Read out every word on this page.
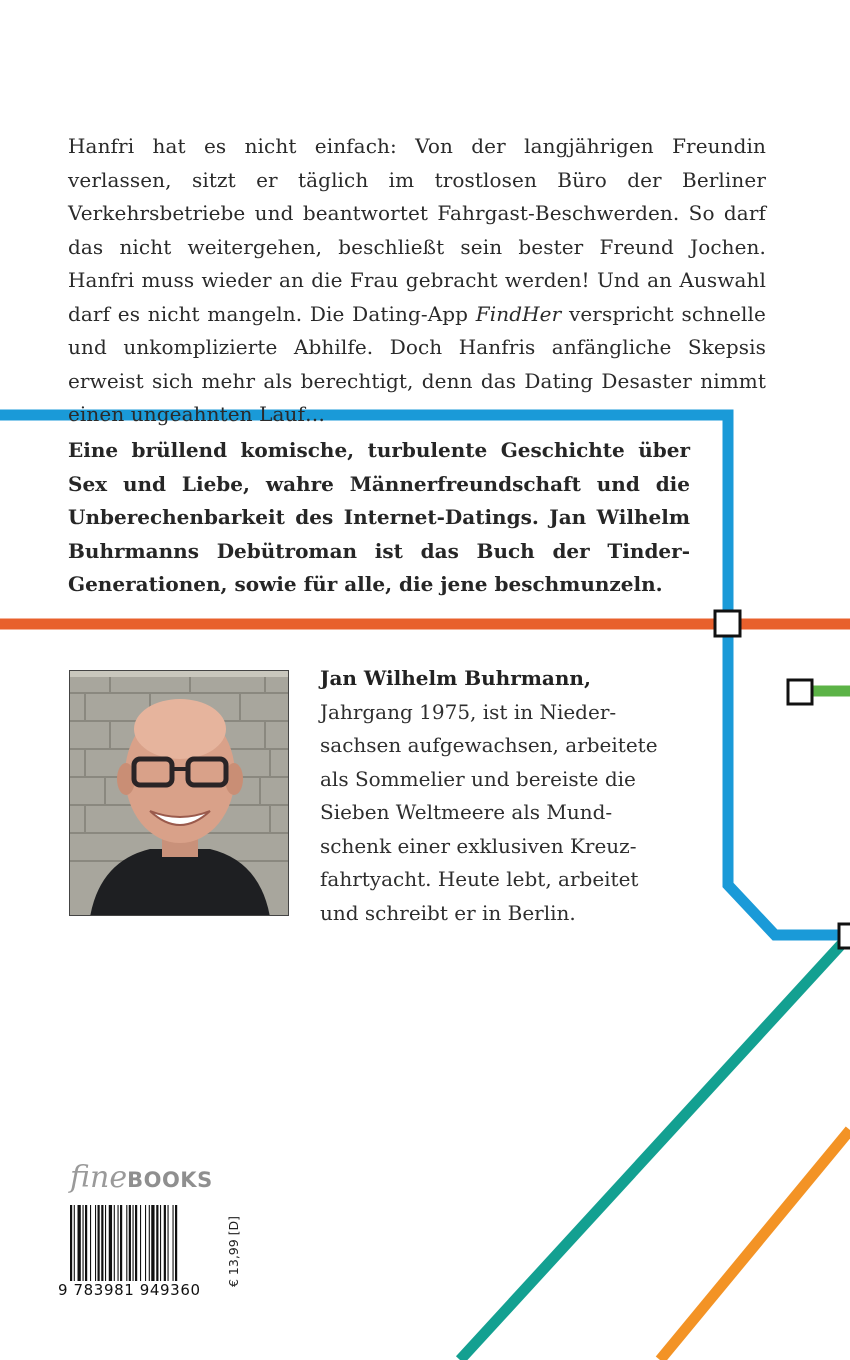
Hanfri hat es nicht einfach: Von der langjährigen Freundin verlassen, sitzt er täglich im trostlosen Büro der Berliner Verkehrsbetriebe und beantwortet Fahrgast-Beschwerden. So darf das nicht weitergehen, beschließt sein bester Freund Jochen. Hanfri muss wieder an die Frau gebracht werden! Und an Auswahl darf es nicht mangeln. Die Dating-App FindHer verspricht schnelle und unkomplizierte Abhilfe. Doch Hanfris anfängliche Skepsis erweist sich mehr als berechtigt, denn das Dating Desaster nimmt einen ungeahnten Lauf…
Eine brüllend komische, turbulente Geschichte über Sex und Liebe, wahre Männerfreundschaft und die Unberechenbarkeit des Internet-Datings. Jan Wilhelm Buhrmanns Debütroman ist das Buch der Tinder-Generationen, sowie für alle, die jene beschmunzeln.
Jan Wilhelm Buhrmann,
Jahrgang 1975, ist in Nieder-
sachsen aufgewachsen, arbeitete
als Sommelier und bereiste die
Sieben Weltmeere als Mund-
schenk einer exklusiven Kreuz-
fahrtyacht. Heute lebt, arbeitet
und schreibt er in Berlin.
fineBOOKS
9 783981 949360
€ 13,99 [D]
